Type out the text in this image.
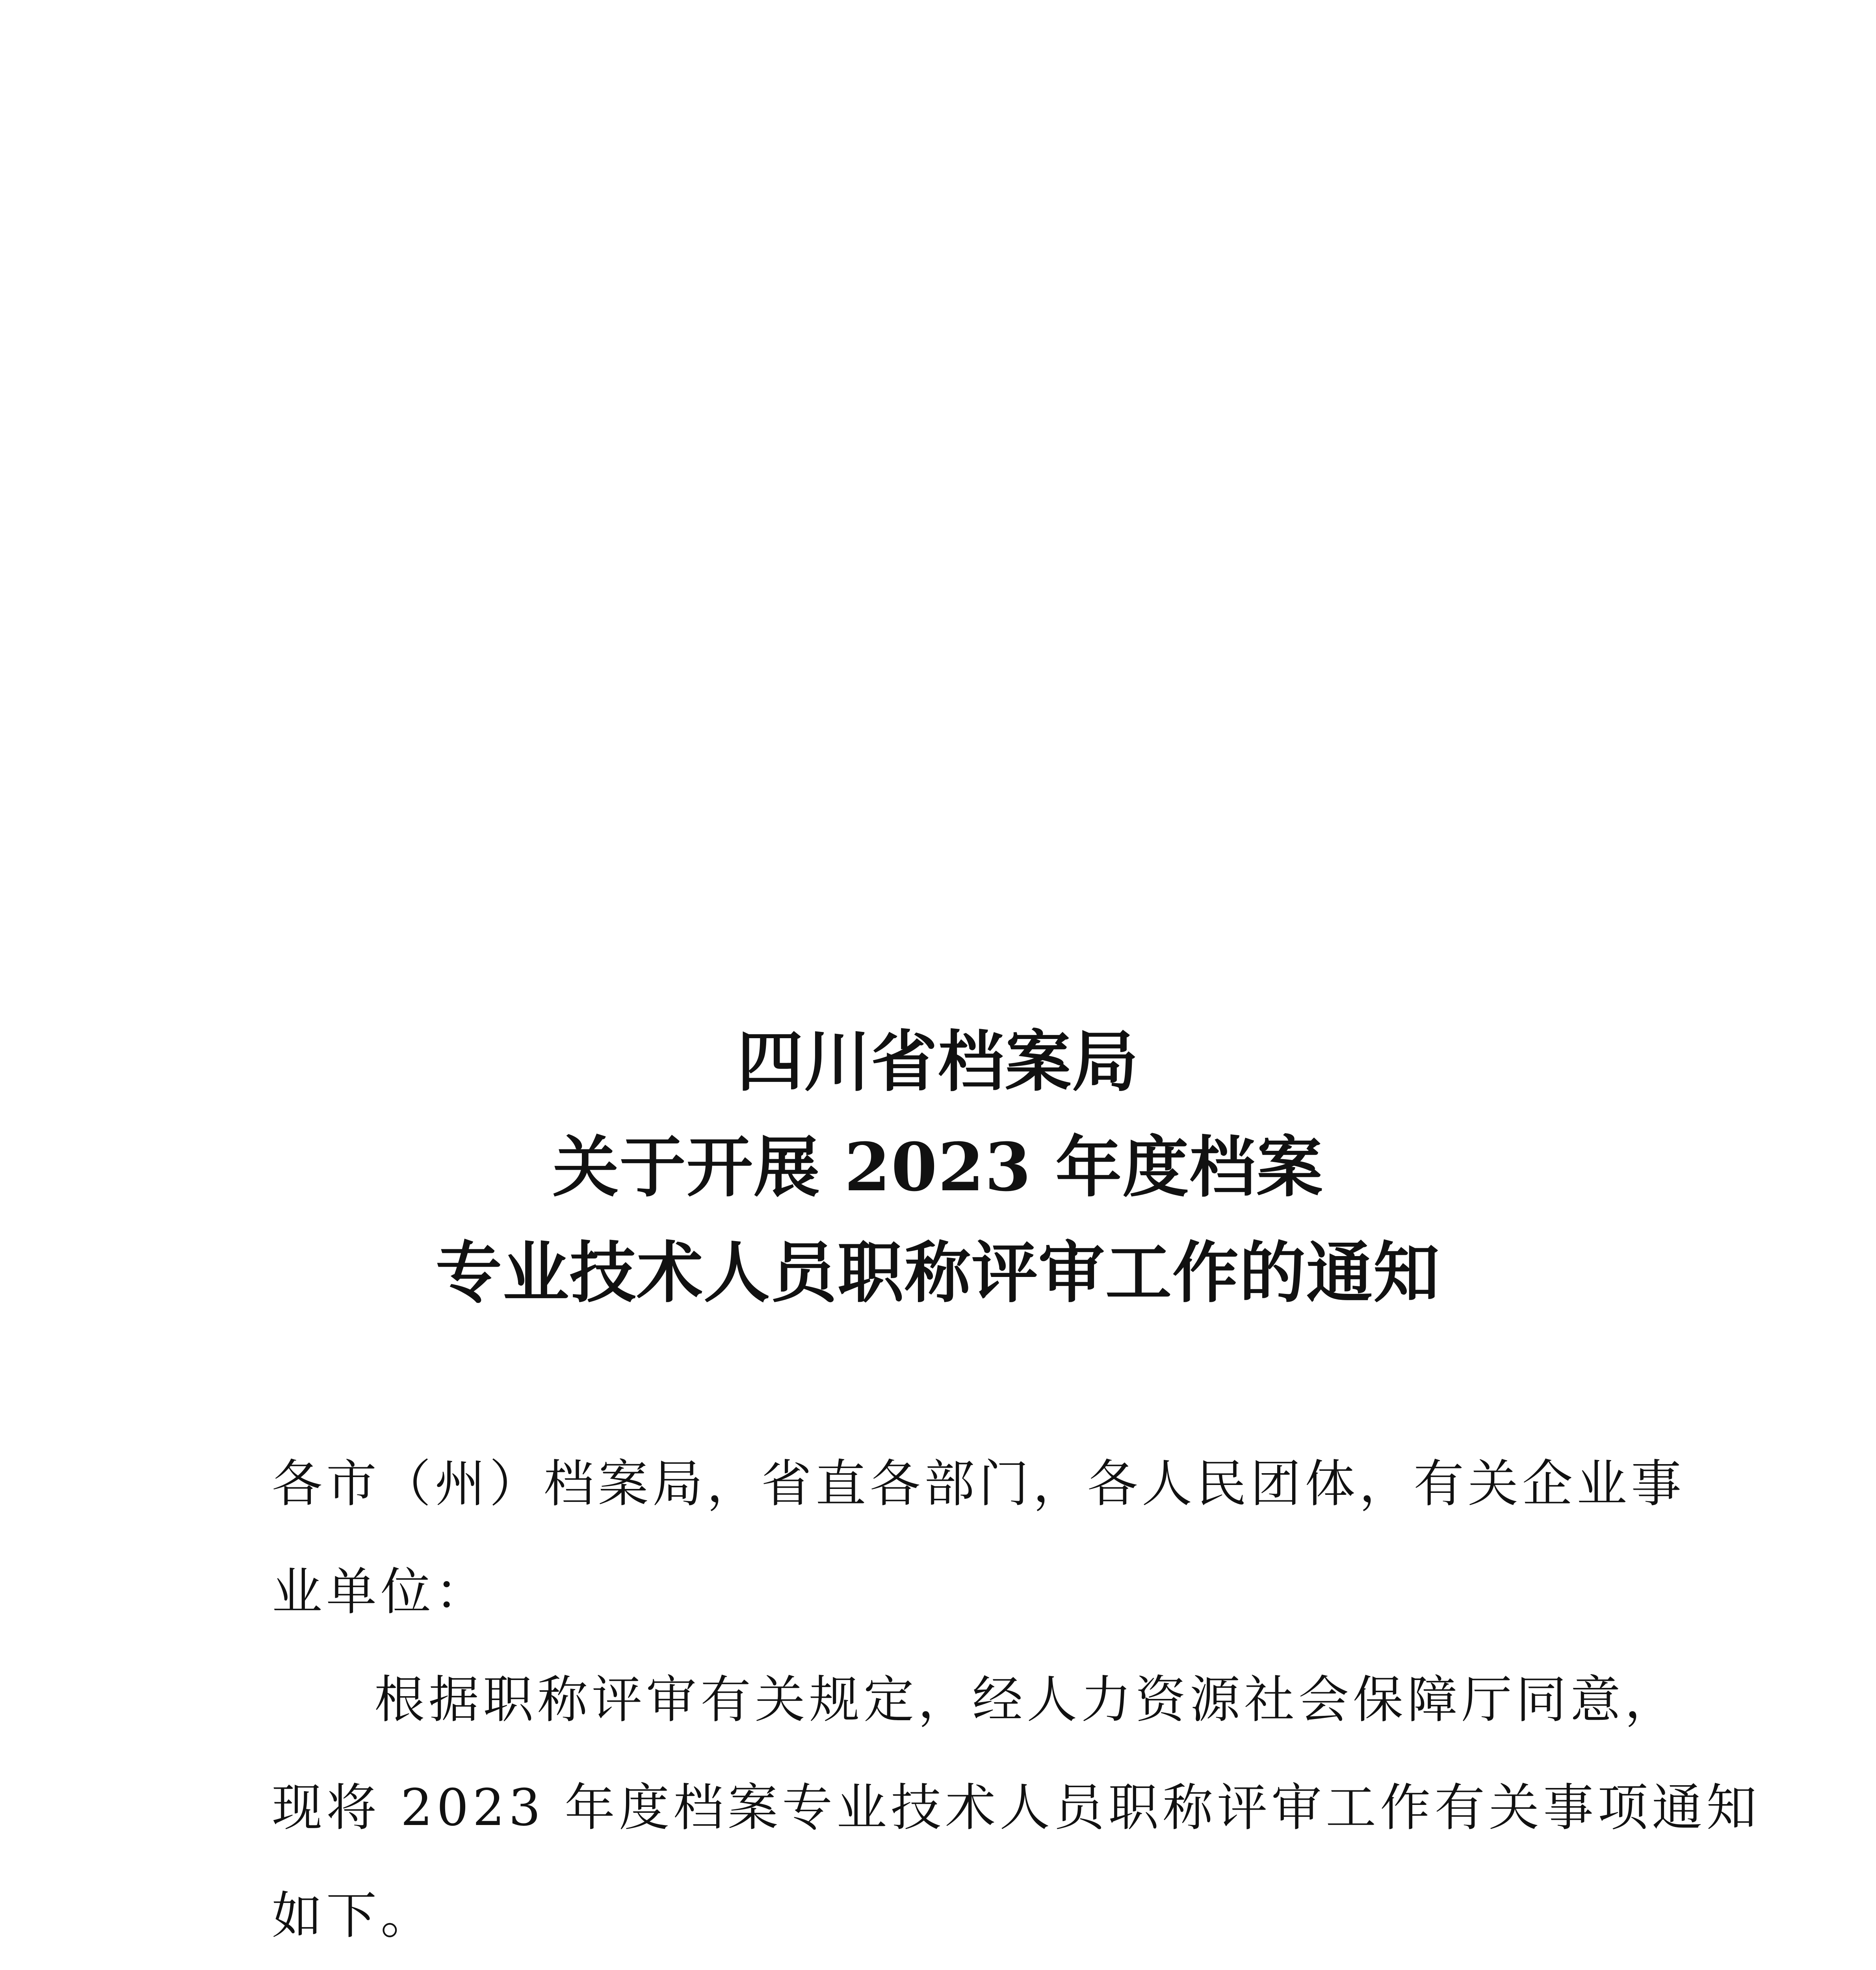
四川省档案局
关于开展 2023 年度档案
专业技术人员职称评审工作的通知
各市（州）档案局，省直各部门，各人民团体，有关企业事
业单位：
根据职称评审有关规定，经人力资源社会保障厅同意，
现将 2023 年度档案专业技术人员职称评审工作有关事项通知
如下。
